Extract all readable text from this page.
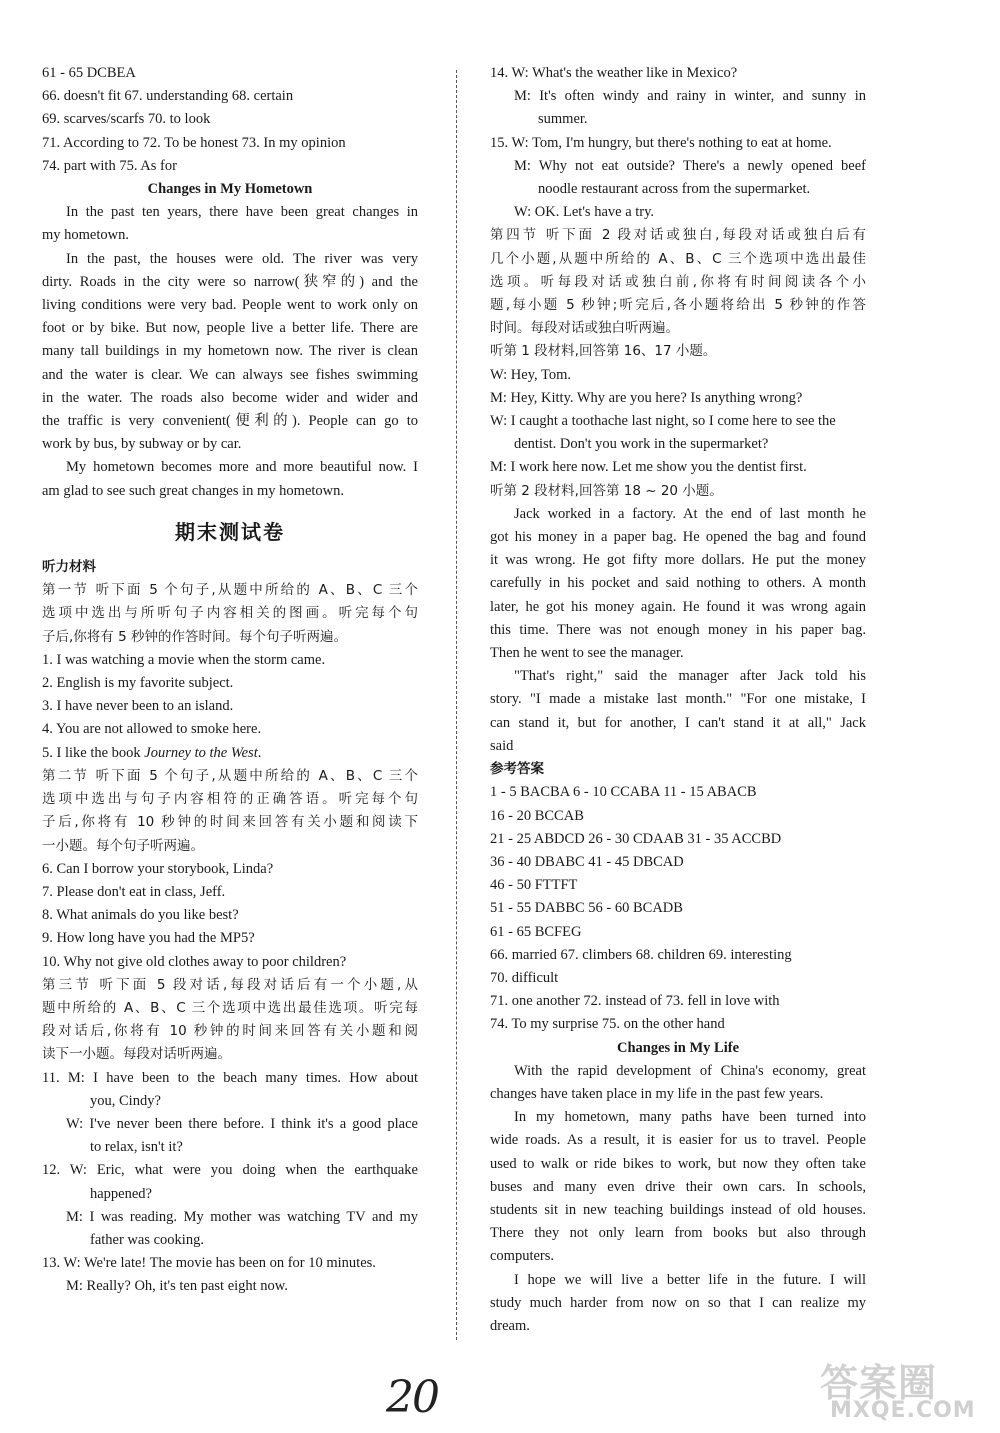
61 - 65 DCBEA
66. doesn't fit 67. understanding 68. certain
69. scarves/scarfs 70. to look
71. According to 72. To be honest 73. In my opinion
74. part with 75. As for
Changes in My Hometown
In the past ten years, there have been great changes in
my hometown.
In the past, the houses were old. The river was very
dirty. Roads in the city were so narrow(狭窄的) and the
living conditions were very bad. People went to work only on
foot or by bike. But now, people live a better life. There are
many tall buildings in my hometown now. The river is clean
and the water is clear. We can always see fishes swimming
in the water. The roads also become wider and wider and
the traffic is very convenient(便利的). People can go to
work by bus, by subway or by car.
My hometown becomes more and more beautiful now. I
am glad to see such great changes in my hometown.
期末测试卷
听力材料
第一节 听下面 5 个句子,从题中所给的 A、B、C 三个
选项中选出与所听句子内容相关的图画。听完每个句
子后,你将有 5 秒钟的作答时间。每个句子听两遍。
1. I was watching a movie when the storm came.
2. English is my favorite subject.
3. I have never been to an island.
4. You are not allowed to smoke here.
5. I like the book Journey to the West.
第二节 听下面 5 个句子,从题中所给的 A、B、C 三个
选项中选出与句子内容相符的正确答语。听完每个句
子后,你将有 10 秒钟的时间来回答有关小题和阅读下
一小题。每个句子听两遍。
6. Can I borrow your storybook, Linda?
7. Please don't eat in class, Jeff.
8. What animals do you like best?
9. How long have you had the MP5?
10. Why not give old clothes away to poor children?
第三节 听下面 5 段对话,每段对话后有一个小题,从
题中所给的 A、B、C 三个选项中选出最佳选项。听完每
段对话后,你将有 10 秒钟的时间来回答有关小题和阅
读下一小题。每段对话听两遍。
11. M: I have been to the beach many times. How about
you, Cindy?
W: I've never been there before. I think it's a good place
to relax, isn't it?
12. W: Eric, what were you doing when the earthquake
happened?
M: I was reading. My mother was watching TV and my
father was cooking.
13. W: We're late! The movie has been on for 10 minutes.
M: Really? Oh, it's ten past eight now.
14. W: What's the weather like in Mexico?
M: It's often windy and rainy in winter, and sunny in
summer.
15. W: Tom, I'm hungry, but there's nothing to eat at home.
M: Why not eat outside? There's a newly opened beef
noodle restaurant across from the supermarket.
W: OK. Let's have a try.
第四节 听下面 2 段对话或独白,每段对话或独白后有
几个小题,从题中所给的 A、B、C 三个选项中选出最佳
选项。听每段对话或独白前,你将有时间阅读各个小
题,每小题 5 秒钟;听完后,各小题将给出 5 秒钟的作答
时间。每段对话或独白听两遍。
听第 1 段材料,回答第 16、17 小题。
W: Hey, Tom.
M: Hey, Kitty. Why are you here? Is anything wrong?
W: I caught a toothache last night, so I come here to see the
dentist. Don't you work in the supermarket?
M: I work here now. Let me show you the dentist first.
听第 2 段材料,回答第 18 ~ 20 小题。
Jack worked in a factory. At the end of last month he
got his money in a paper bag. He opened the bag and found
it was wrong. He got fifty more dollars. He put the money
carefully in his pocket and said nothing to others. A month
later, he got his money again. He found it was wrong again
this time. There was not enough money in his paper bag.
Then he went to see the manager.
"That's right," said the manager after Jack told his
story. "I made a mistake last month." "For one mistake, I
can stand it, but for another, I can't stand it at all," Jack
said
参考答案
1 - 5 BACBA 6 - 10 CCABA 11 - 15 ABACB
16 - 20 BCCAB
21 - 25 ABDCD 26 - 30 CDAAB 31 - 35 ACCBD
36 - 40 DBABC 41 - 45 DBCAD
46 - 50 FTTFT
51 - 55 DABBC 56 - 60 BCADB
61 - 65 BCFEG
66. married 67. climbers 68. children 69. interesting
70. difficult
71. one another 72. instead of 73. fell in love with
74. To my surprise 75. on the other hand
Changes in My Life
With the rapid development of China's economy, great
changes have taken place in my life in the past few years.
In my hometown, many paths have been turned into
wide roads. As a result, it is easier for us to travel. People
used to walk or ride bikes to work, but now they often take
buses and many even drive their own cars. In schools,
students sit in new teaching buildings instead of old houses.
There they not only learn from books but also through
computers.
I hope we will live a better life in the future. I will
study much harder from now on so that I can realize my
dream.
20	答案圈
MXQE.COM
